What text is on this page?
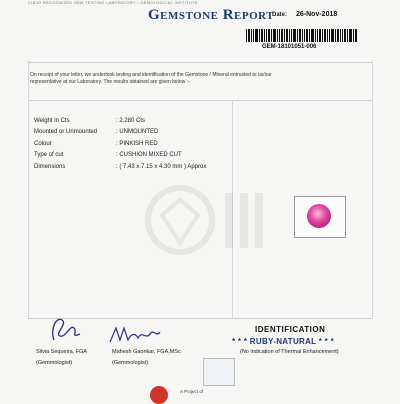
CIBJO RECOGNIZED GEM TESTING LABORATORY • GEMOLOGICAL INSTITUTE
Gemstone Report
Date: 26-Nov-2018
GEM-18101051-006
On receipt of your letter, we undertook testing and identification of the Gemstone / Mineral entrusted to us/our representative at our Laboratory. The results obtained are given below :-
Weight in Cts	: 2.280 Cts
Mounted or Unmounted	: UNMOUNTED
Colour	: PINKISH RED
Type of cut	: CUSHION MIXED CUT
Dimensions	: ( 7.43 x 7.15 x 4.30 mm ) Approx
IDENTIFICATION
* * * RUBY-NATURAL * * *
(No indication of Thermal Enhancement)
Silvia Sequeira, FGA
(Gemmologist)
Mahesh Gaonkar, FGA,MSc
(Gemmologist)
A Project of
